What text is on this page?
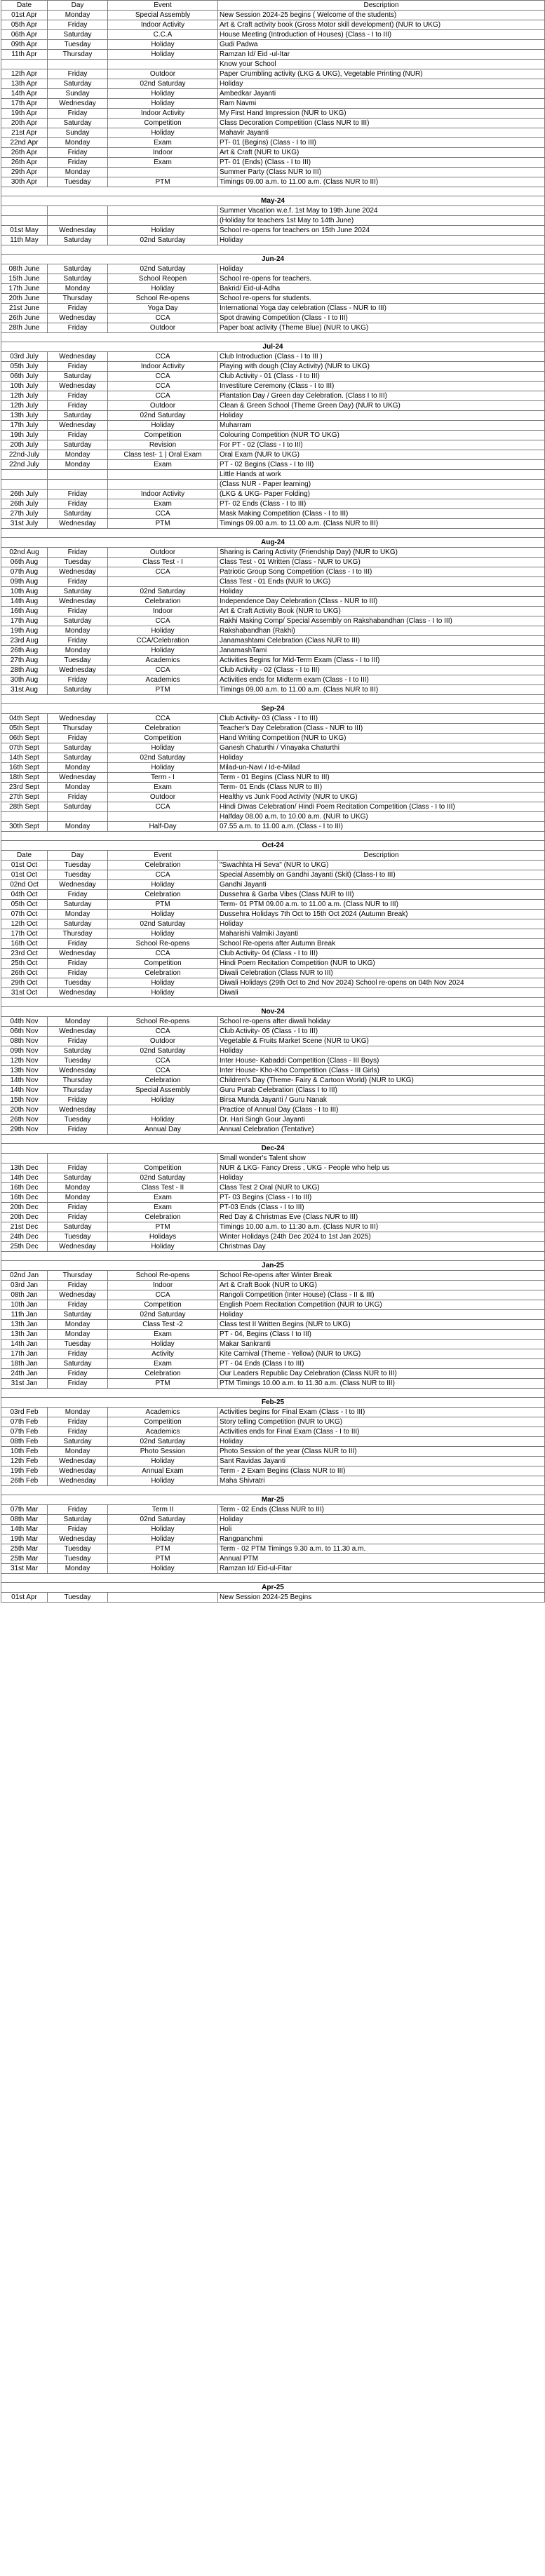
Date	Day	Event	Description
01st Apr	Monday	Special Assembly	New Session 2024-25 begins ( Welcome of the students)
05th Apr	Friday	Indoor Activity	Art & Craft activity book (Gross Motor skill development) (NUR to UKG)
06th Apr	Saturday	C.C.A	House Meeting (Introduction of Houses) (Class - I to III)
09th Apr	Tuesday	Holiday	Gudi Padwa
11th Apr	Thursday	Holiday	Ramzan Id/ Eid -ul-Itar
			Know your School
12th Apr	Friday	Outdoor	Paper Crumbling activity (LKG & UKG), Vegetable Printing (NUR)
13th Apr	Saturday	02nd Saturday	Holiday
14th Apr	Sunday	Holiday	Ambedkar Jayanti
17th Apr	Wednesday	Holiday	Ram Navmi
19th Apr	Friday	Indoor Activity	My First Hand Impression (NUR to UKG)
20th Apr	Saturday	Competition	Class Decoration Competition (Class NUR to III)
21st Apr	Sunday	Holiday	Mahavir Jayanti
22nd Apr	Monday	Exam	PT- 01 (Begins) (Class - I to III)
26th Apr	Friday	Indoor	Art & Craft (NUR to UKG)
26th Apr	Friday	Exam	PT- 01 (Ends) (Class - I to III)
29th Apr	Monday		Summer Party (Class NUR to III)
30th Apr	Tuesday	PTM	Timings 09.00 a.m. to 11.00 a.m. (Class NUR to III)

May-24			
			Summer Vacation w.e.f. 1st May to 19th June 2024
			(Holiday for teachers 1st May to 14th June)
01st May	Wednesday	Holiday	School re-opens for teachers on 15th June 2024
11th May	Saturday	02nd Saturday	Holiday

Jun-24			
08th June	Saturday	02nd Saturday	Holiday
15th June	Saturday	School Reopen	School re-opens for teachers.
17th June	Monday	Holiday	Bakrid/ Eid-ul-Adha
20th June	Thursday	School Re-opens	School re-opens for students.
21st June	Friday	Yoga Day	International Yoga day celebration (Class - NUR to III)
26th June	Wednesday	CCA	Spot drawing Competition (Class - I to III)
28th June	Friday	Outdoor	Paper boat activity (Theme Blue) (NUR to UKG)

Jul-24			
03rd July	Wednesday	CCA	Club Introduction (Class - I to III )
05th July	Friday	Indoor Activity	Playing with dough (Clay Activity) (NUR to UKG)
06th July	Saturday	CCA	Club Activity - 01 (Class - I to III)
10th July	Wednesday	CCA	Investiture Ceremony (Class - I to III)
12th July	Friday	CCA	Plantation Day / Green day Celebration. (Class I to III)
12th July	Friday	Outdoor	Clean & Green School (Theme Green Day) (NUR to UKG)
13th July	Saturday	02nd Saturday	Holiday
17th July	Wednesday	Holiday	Muharram
19th July	Friday	Competition	Colouring Competition (NUR TO UKG)
20th July	Saturday	Revision	For PT - 02 (Class - I to III)
22nd-July	Monday	Class test- 1 | Oral Exam	Oral Exam (NUR to UKG)
22nd July	Monday	Exam	PT - 02 Begins (Class - I to III)
			Little Hands at work
			(Class NUR - Paper learning)
26th July	Friday	Indoor Activity	(LKG & UKG- Paper Folding)
26th July	Friday	Exam	PT- 02 Ends (Class - I to III)
27th July	Saturday	CCA	Mask Making Competition (Class - I to III)
31st July	Wednesday	PTM	Timings 09.00 a.m. to 11.00 a.m. (Class NUR to III)

Aug-24			
02nd Aug	Friday	Outdoor	Sharing is Caring Activity (Friendship Day) (NUR to UKG)
06th Aug	Tuesday	Class Test - I	Class Test - 01 Written (Class - NUR to UKG)
07th Aug	Wednesday	CCA	Patriotic Group Song Competition (Class - I to III)
09th Aug	Friday		Class Test - 01 Ends (NUR to UKG)
10th Aug	Saturday	02nd Saturday	Holiday
14th Aug	Wednesday	Celebration	Independence Day Celebration (Class - NUR to III)
16th Aug	Friday	Indoor	Art & Craft Activity Book (NUR to UKG)
17th Aug	Saturday	CCA	Rakhi Making Comp/ Special Assembly on Rakshabandhan (Class - I to III)
19th Aug	Monday	Holiday	Rakshabandhan (Rakhi)
23rd Aug	Friday	CCA/Celebration	Janamashtami Celebration (Class NUR to III)
26th Aug	Monday	Holiday	JanamashTami
27th Aug	Tuesday	Academics	Activities Begins for Mid-Term Exam (Class - I to III)
28th Aug	Wednesday	CCA	Club Activity - 02 (Class - I to III)
30th Aug	Friday	Academics	Activities ends for Midterm exam (Class - I to III)
31st Aug	Saturday	PTM	Timings 09.00 a.m. to 11.00 a.m. (Class NUR to III)

Sep-24			
04th Sept	Wednesday	CCA	Club Activity- 03 (Class - I to III)
05th Sept	Thursday	Celebration	Teacher's Day Celebration (Class - NUR to III)
06th Sept	Friday	Competition	Hand Writing Competition (NUR to UKG)
07th Sept	Saturday	Holiday	Ganesh Chaturthi / Vinayaka Chaturthi
14th Sept	Saturday	02nd Saturday	Holiday
16th Sept	Monday	Holiday	Milad-un-Navi / Id-e-Milad
18th Sept	Wednesday	Term - I	Term - 01 Begins (Class NUR to III)
23rd Sept	Monday	Exam	Term- 01 Ends (Class NUR to III)
27th Sept	Friday	Outdoor	Healthy vs Junk Food Activity (NUR to UKG)
28th Sept	Saturday	CCA	Hindi Diwas Celebration/ Hindi Poem Recitation Competition (Class - I to III)
			Halfday 08.00 a.m. to 10.00 a.m. (NUR to UKG)
30th Sept	Monday	Half-Day	07.55 a.m. to 11.00 a.m. (Class - I to III)

Oct-24			
Date	Day	Event	Description
01st Oct	Tuesday	Celebration	"Swachhta Hi Seva" (NUR to UKG)
01st Oct	Tuesday	CCA	Special Assembly on Gandhi Jayanti (Skit) (Class-I to III)
02nd Oct	Wednesday	Holiday	Gandhi Jayanti
04th Oct	Friday	Celebration	Dussehra & Garba Vibes (Class NUR to III)
05th Oct	Saturday	PTM	Term- 01 PTM 09.00 a.m. to 11.00 a.m. (Class NUR to III)
07th Oct	Monday	Holiday	Dussehra Holidays 7th Oct to 15th Oct 2024 (Autumn Break)
12th Oct	Saturday	02nd Saturday	Holiday
17th Oct	Thursday	Holiday	Maharishi Valmiki Jayanti
16th Oct	Friday	School Re-opens	School Re-opens after Autumn Break
23rd Oct	Wednesday	CCA	Club Activity- 04 (Class - I to III)
25th Oct	Friday	Competition	Hindi Poem Recitation Competition (NUR to UKG)
26th Oct	Friday	Celebration	Diwali Celebration (Class NUR to III)
29th Oct	Tuesday	Holiday	Diwali Holidays (29th Oct to 2nd Nov 2024) School re-opens on 04th Nov 2024
31st Oct	Wednesday	Holiday	Diwali

Nov-24			
04th Nov	Monday	School Re-opens	School re-opens after diwali holiday
06th Nov	Wednesday	CCA	Club Activity- 05 (Class - I to III)
08th Nov	Friday	Outdoor	Vegetable & Fruits Market Scene (NUR to UKG)
09th Nov	Saturday	02nd Saturday	Holiday
12th Nov	Tuesday	CCA	Inter House- Kabaddi Competition (Class - III Boys)
13th Nov	Wednesday	CCA	Inter House- Kho-Kho Competition (Class - III Girls)
14th Nov	Thursday	Celebration	Children's Day (Theme- Fairy & Cartoon World) (NUR to UKG)
14th Nov	Thursday	Special Assembly	Guru Purab Celebration (Class I to III)
15th Nov	Friday	Holiday	Birsa Munda Jayanti / Guru Nanak
20th Nov	Wednesday		Practice of Annual Day (Class - I to III)
26th Nov	Tuesday	Holiday	Dr. Hari Singh Gour Jayanti
29th Nov	Friday	Annual Day	Annual Celebration (Tentative)

Dec-24			
			Small wonder's Talent show
13th Dec	Friday	Competition	NUR & LKG- Fancy Dress , UKG - People who help us
14th Dec	Saturday	02nd Saturday	Holiday
16th Dec	Monday	Class Test - II	Class Test 2 Oral (NUR to UKG)
16th Dec	Monday	Exam	PT- 03 Begins (Class - I to III)
20th Dec	Friday	Exam	PT-03 Ends (Class - I to III)
20th Dec	Friday	Celebration	Red Day & Christmas Eve (Class NUR to III)
21st Dec	Saturday	PTM	Timings 10.00 a.m. to 11:30 a.m. (Class NUR to III)
24th Dec	Tuesday	Holidays	Winter Holidays (24th Dec 2024 to 1st Jan 2025)
25th Dec	Wednesday	Holiday	Christmas Day

Jan-25			
02nd Jan	Thursday	School Re-opens	School Re-opens after Winter Break
03rd Jan	Friday	Indoor	Art & Craft Book (NUR to UKG)
08th Jan	Wednesday	CCA	Rangoli Competition (Inter House) (Class - II & III)
10th Jan	Friday	Competition	English Poem Recitation Competition (NUR to UKG)
11th Jan	Saturday	02nd Saturday	Holiday
13th Jan	Monday	Class Test -2	Class test II Written Begins (NUR to UKG)
13th Jan	Monday	Exam	PT - 04, Begins (Class I to III)
14th Jan	Tuesday	Holiday	Makar Sankranti
17th Jan	Friday	Activity	Kite Carnival (Theme - Yellow) (NUR to UKG)
18th Jan	Saturday	Exam	PT - 04 Ends (Class I to III)
24th Jan	Friday	Celebration	Our Leaders Republic Day Celebration (Class NUR to III)
31st Jan	Friday	PTM	PTM Timings 10.00 a.m. to 11.30 a.m. (Class NUR to III)

Feb-25			
03rd Feb	Monday	Academics	Activities begins for Final Exam (Class - I to III)
07th Feb	Friday	Competition	Story telling Competition (NUR to UKG)
07th Feb	Friday	Academics	Activities ends for Final Exam (Class - I to III)
08th Feb	Saturday	02nd Saturday	Holiday
10th Feb	Monday	Photo Session	Photo Session of the year (Class NUR to III)
12th Feb	Wednesday	Holiday	Sant Ravidas Jayanti
19th Feb	Wednesday	Annual Exam	Term - 2 Exam Begins (Class NUR to III)
26th Feb	Wednesday	Holiday	Maha Shivratri

Mar-25			
07th Mar	Friday	Term II	Term - 02 Ends (Class NUR to III)
08th Mar	Saturday	02nd Saturday	Holiday
14th Mar	Friday	Holiday	Holi
19th Mar	Wednesday	Holiday	Rangpanchmi
25th Mar	Tuesday	PTM	Term - 02 PTM Timings 9.30 a.m. to 11.30 a.m.
25th Mar	Tuesday	PTM	Annual PTM
31st Mar	Monday	Holiday	Ramzan Id/ Eid-ul-Fitar

Apr-25			
01st Apr	Tuesday		New Session 2024-25 Begins
